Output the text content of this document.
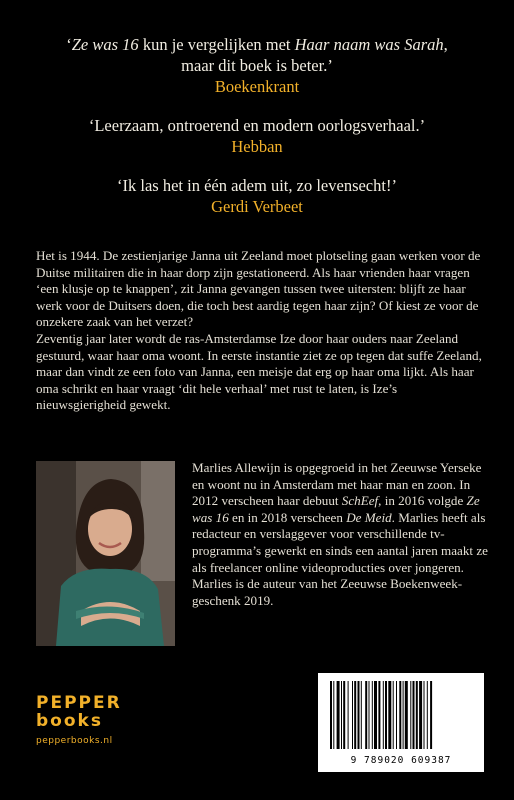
‘Ze was 16 kun je vergelijken met Haar naam was Sarah,
maar dit boek is beter.’
Boekenkrant
‘Leerzaam, ontroerend en modern oorlogsverhaal.’
Hebban
‘Ik las het in één adem uit, zo levensecht!’
Gerdi Verbeet

Het is 1944. De zestienjarige Janna uit Zeeland moet plotseling gaan werken voor de Duitse militairen die in haar dorp zijn gestationeerd. Als haar vrienden haar vragen ‘een klusje op te knappen’, zit Janna gevangen tussen twee uitersten: blijft ze haar werk voor de Duitsers doen, die toch best aardig tegen haar zijn? Of kiest ze voor de onzekere zaak van het verzet?

Zeventig jaar later wordt de ras-Amsterdamse Ize door haar ouders naar Zeeland gestuurd, waar haar oma woont. In eerste instantie ziet ze op tegen dat suffe Zeeland, maar dan vindt ze een foto van Janna, een meisje dat erg op haar oma lijkt. Als haar oma schrikt en haar vraagt ‘dit hele verhaal’ met rust te laten, is Ize’s nieuwsgierigheid gewekt.

Marlies Allewijn is opgegroeid in het Zeeuwse Yerseke en woont nu in Amsterdam met haar man en zoon. In 2012 verscheen haar debuut SchEef, in 2016 volgde Ze was 16 en in 2018 verscheen De Meid. Marlies heeft als redacteur en verslaggever voor verschillende tv-programma’s gewerkt en sinds een aantal jaren maakt ze als freelancer online videoproducties over jongeren. Marlies is de auteur van het Zeeuwse Boekenweek-geschenk 2019.
PEPPER
books
pepperbooks.nl
9 789020 609387
